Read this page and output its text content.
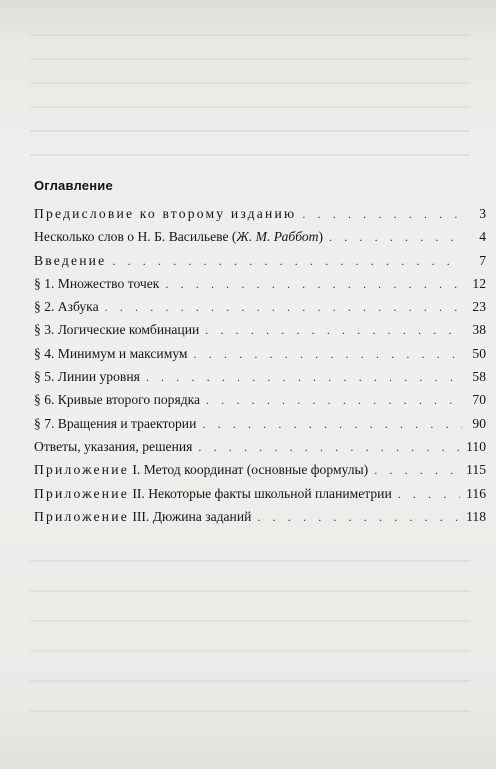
Оглавление
Предисловие ко второму изданию . . .	3
Несколько слов о Н. Б. Васильеве (Ж. М. Раббот) . . .	4
Введение . . .	7
§ 1. Множество точек . . .	12
§ 2. Азбука . . .	23
§ 3. Логические комбинации . . .	38
§ 4. Минимум и максимум . . .	50
§ 5. Линии уровня . . .	58
§ 6. Кривые второго порядка . . .	70
§ 7. Вращения и траектории . . .	90
Ответы, указания, решения . . .	110
Приложение I. Метод координат (основные формулы) . . .	115
Приложение II. Некоторые факты школьной планиметрии . . .	116
Приложение III. Дюжина заданий . . .	118
